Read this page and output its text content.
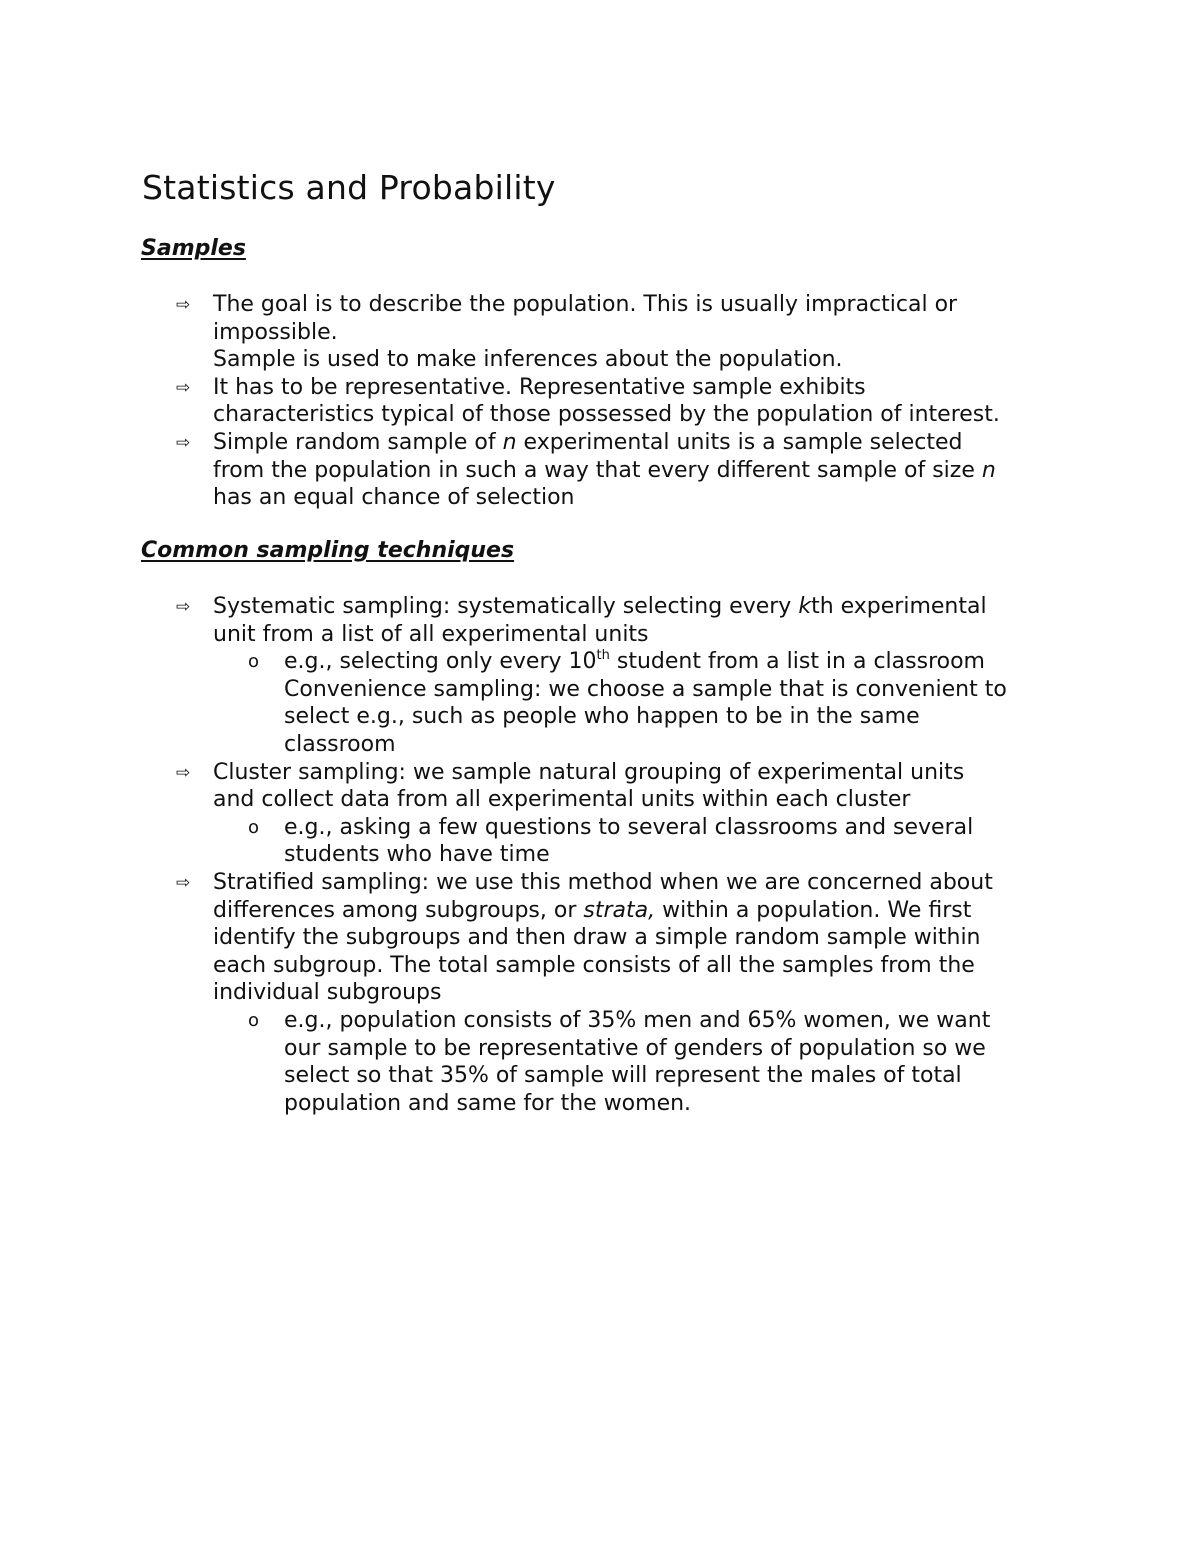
Statistics and Probability
Samples
⇨ The goal is to describe the population. This is usually impractical or
impossible.
Sample is used to make inferences about the population.
⇨ It has to be representative. Representative sample exhibits
characteristics typical of those possessed by the population of interest.
⇨ Simple random sample of n experimental units is a sample selected
from the population in such a way that every different sample of size n
has an equal chance of selection
Common sampling techniques
⇨ Systematic sampling: systematically selecting every kth experimental
unit from a list of all experimental units
o e.g., selecting only every 10th student from a list in a classroom
Convenience sampling: we choose a sample that is convenient to
select e.g., such as people who happen to be in the same
classroom
⇨ Cluster sampling: we sample natural grouping of experimental units
and collect data from all experimental units within each cluster
o e.g., asking a few questions to several classrooms and several
students who have time
⇨ Stratified sampling: we use this method when we are concerned about
differences among subgroups, or strata, within a population. We first
identify the subgroups and then draw a simple random sample within
each subgroup. The total sample consists of all the samples from the
individual subgroups
o e.g., population consists of 35% men and 65% women, we want
our sample to be representative of genders of population so we
select so that 35% of sample will represent the males of total
population and same for the women.
